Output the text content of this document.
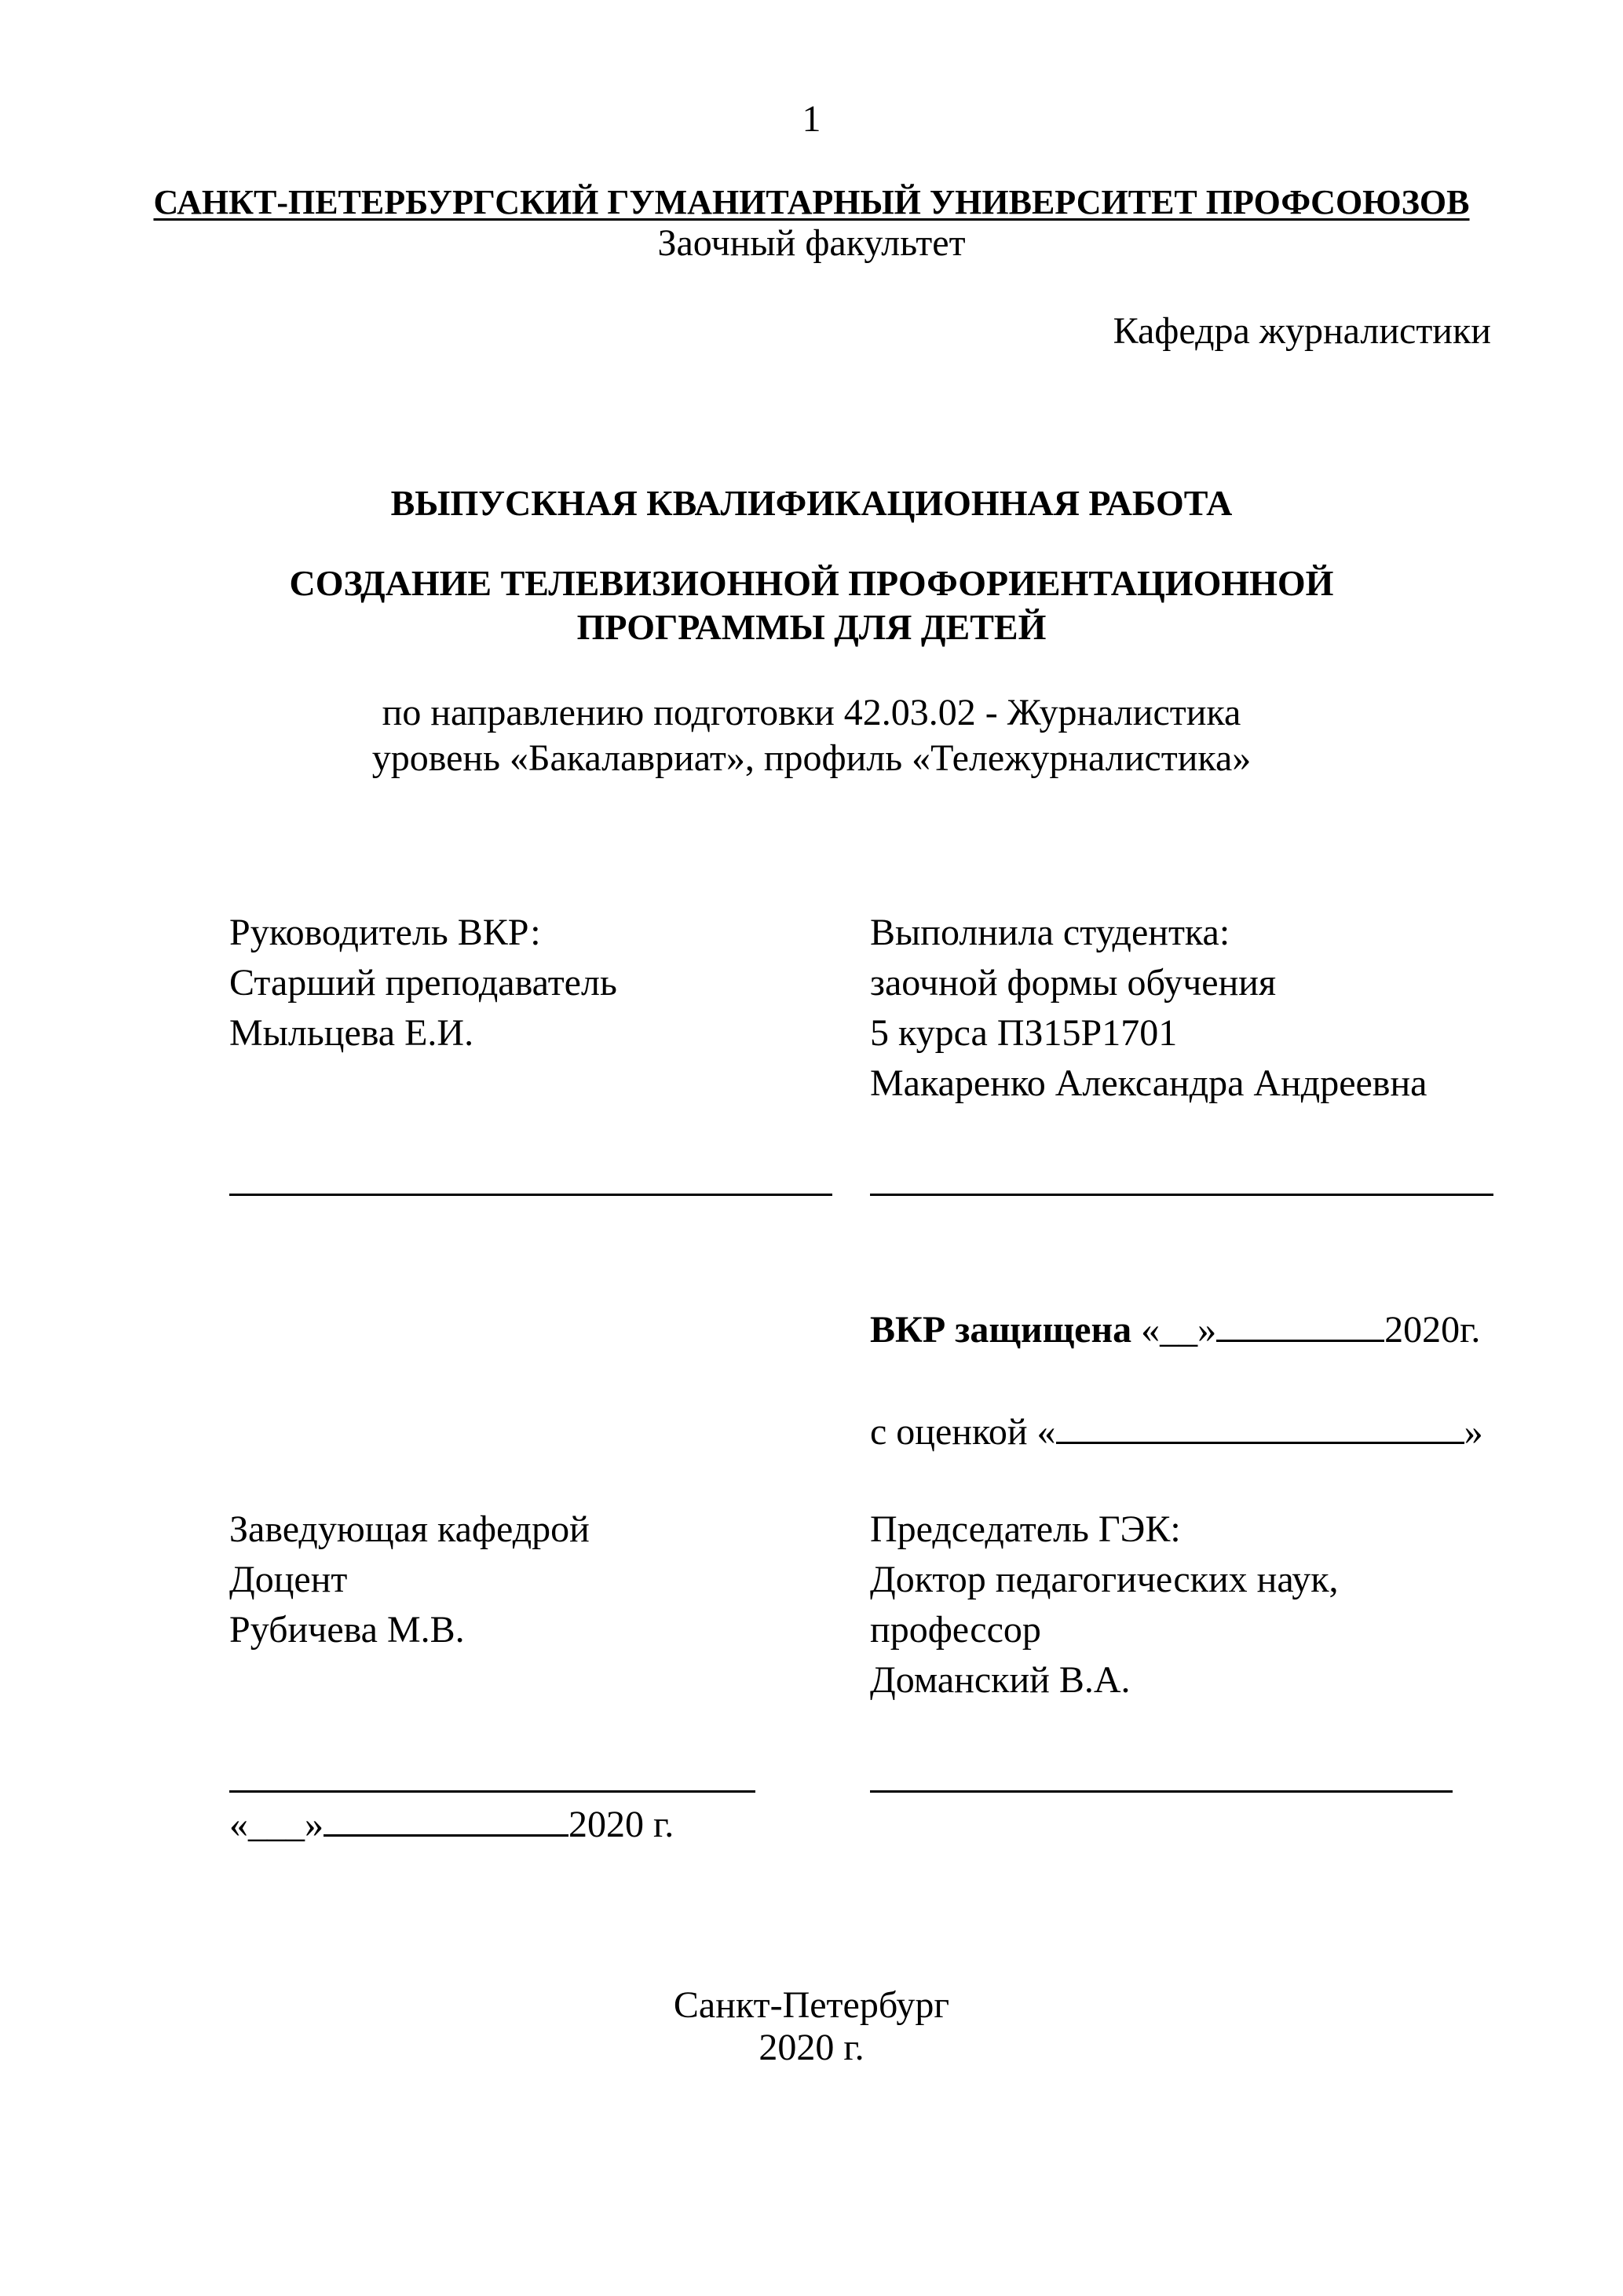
1
САНКТ-ПЕТЕРБУРГСКИЙ ГУМАНИТАРНЫЙ УНИВЕРСИТЕТ ПРОФСОЮЗОВ
Заочный факультет
Кафедра журналистики
ВЫПУСКНАЯ КВАЛИФИКАЦИОННАЯ РАБОТА
СОЗДАНИЕ ТЕЛЕВИЗИОННОЙ ПРОФОРИЕНТАЦИОННОЙ
ПРОГРАММЫ ДЛЯ ДЕТЕЙ
по направлению подготовки 42.03.02 - Журналистика
уровень «Бакалавриат», профиль «Тележурналистика»
Руководитель ВКР:
Старший преподаватель
Мыльцева Е.И.
Выполнила студентка:
заочной формы обучения
5 курса ПЗ15Р1701
Макаренко Александра Андреевна
ВКР защищена «__»	2020г.
с оценкой «	»
Заведующая кафедрой
Доцент
Рубичева М.В.
Председатель ГЭК:
Доктор педагогических наук,
профессор
Доманский В.А.
«___»	2020 г.
Санкт-Петербург
2020 г.
